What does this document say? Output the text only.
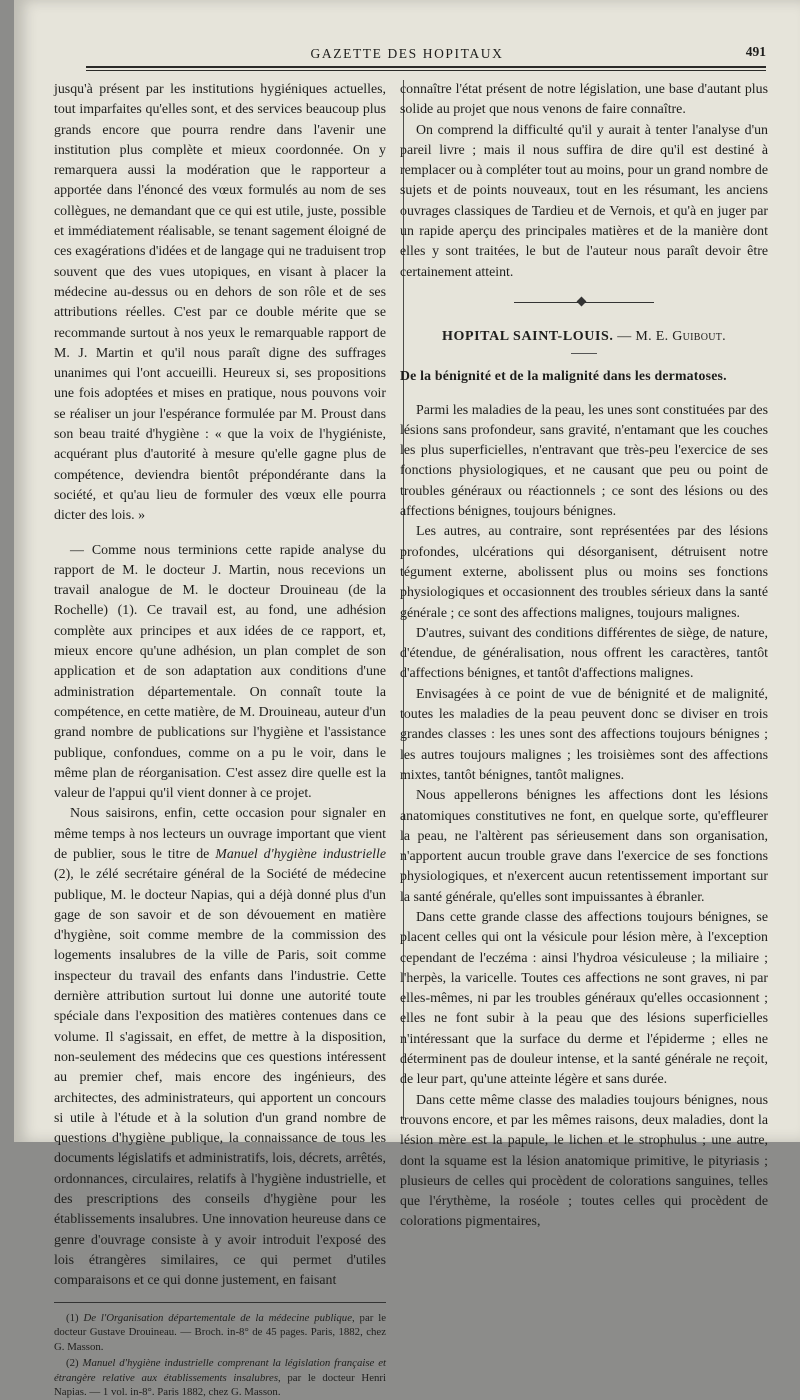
GAZETTE DES HOPITAUX	491

jusqu'à présent par les institutions hygiéniques actuelles, tout imparfaites qu'elles sont, et des services beaucoup plus grands encore que pourra rendre dans l'avenir une institution plus complète et mieux coordonnée. On y remarquera aussi la modération que le rapporteur a apportée dans l'énoncé des vœux formulés au nom de ses collègues, ne demandant que ce qui est utile, juste, possible et immédiatement réalisable, se tenant sagement éloigné de ces exagérations d'idées et de langage qui ne traduisent trop souvent que des vues utopiques, en visant à placer la médecine au-dessus ou en dehors de son rôle et de ses attributions réelles. C'est par ce double mérite que se recommande surtout à nos yeux le remarquable rapport de M. J. Martin et qu'il nous paraît digne des suffrages unanimes qui l'ont accueilli. Heureux si, ses propositions une fois adoptées et mises en pratique, nous pouvons voir se réaliser un jour l'espérance formulée par M. Proust dans son beau traité d'hygiène : « que la voix de l'hygiéniste, acquérant plus d'autorité à mesure qu'elle gagne plus de compétence, deviendra bientôt prépondérante dans la société, et qu'au lieu de formuler des vœux elle pourra dicter des lois. »

— Comme nous terminions cette rapide analyse du rapport de M. le docteur J. Martin, nous recevions un travail analogue de M. le docteur Drouineau (de la Rochelle) (1). Ce travail est, au fond, une adhésion complète aux principes et aux idées de ce rapport, et, mieux encore qu'une adhésion, un plan complet de son application et de son adaptation aux conditions d'une administration départementale. On connaît toute la compétence, en cette matière, de M. Drouineau, auteur d'un grand nombre de publications sur l'hygiène et l'assistance publique, confondues, comme on a pu le voir, dans le même plan de réorganisation. C'est assez dire quelle est la valeur de l'appui qu'il vient donner à ce projet.

Nous saisirons, enfin, cette occasion pour signaler en même temps à nos lecteurs un ouvrage important que vient de publier, sous le titre de Manuel d'hygiène industrielle (2), le zélé secrétaire général de la Société de médecine publique, M. le docteur Napias, qui a déjà donné plus d'un gage de son savoir et de son dévouement en matière d'hygiène, soit comme membre de la commission des logements insalubres de la ville de Paris, soit comme inspecteur du travail des enfants dans l'industrie. Cette dernière attribution surtout lui donne une autorité toute spéciale dans l'exposition des matières contenues dans ce volume. Il s'agissait, en effet, de mettre à la disposition, non-seulement des médecins que ces questions intéressent au premier chef, mais encore des ingénieurs, des architectes, des administrateurs, qui apportent un concours si utile à l'étude et à la solution d'un grand nombre de questions d'hygiène publique, la connaissance de tous les documents législatifs et administratifs, lois, décrets, arrêtés, ordonnances, circulaires, relatifs à l'hygiène industrielle, et des prescriptions des conseils d'hygiène pour les établissements insalubres. Une innovation heureuse dans ce genre d'ouvrage consiste à y avoir introduit l'exposé des lois étrangères similaires, ce qui permet d'utiles comparaisons et ce qui donne justement, en faisant

(1) De l'Organisation départementale de la médecine publique, par le docteur Gustave Drouineau. — Broch. in-8° de 45 pages. Paris, 1882, chez G. Masson.

(2) Manuel d'hygiène industrielle comprenant la législation française et étrangère relative aux établissements insalubres, par le docteur Henri Napias. — 1 vol. in-8°. Paris 1882, chez G. Masson.

connaître l'état présent de notre législation, une base d'autant plus solide au projet que nous venons de faire connaître.

On comprend la difficulté qu'il y aurait à tenter l'analyse d'un pareil livre ; mais il nous suffira de dire qu'il est destiné à remplacer ou à compléter tout au moins, pour un grand nombre de sujets et de points nouveaux, tout en les résumant, les anciens ouvrages classiques de Tardieu et de Vernois, et qu'à en juger par un rapide aperçu des principales matières et de la manière dont elles y sont traitées, le but de l'auteur nous paraît devoir être certainement atteint.

HOPITAL SAINT-LOUIS. — M. E. Guibout.

De la bénignité et de la malignité dans les dermatoses.

Parmi les maladies de la peau, les unes sont constituées par des lésions sans profondeur, sans gravité, n'entamant que les couches les plus superficielles, n'entravant que très-peu l'exercice de ses fonctions physiologiques, et ne causant que peu ou point de troubles généraux ou réactionnels ; ce sont des lésions ou des affections bénignes, toujours bénignes.

Les autres, au contraire, sont représentées par des lésions profondes, ulcérations qui désorganisent, détruisent notre tégument externe, abolissent plus ou moins ses fonctions physiologiques et occasionnent des troubles sérieux dans la santé générale ; ce sont des affections malignes, toujours malignes.

D'autres, suivant des conditions différentes de siège, de nature, d'étendue, de généralisation, nous offrent les caractères, tantôt d'affections bénignes, et tantôt d'affections malignes.

Envisagées à ce point de vue de bénignité et de malignité, toutes les maladies de la peau peuvent donc se diviser en trois grandes classes : les unes sont des affections toujours bénignes ; les autres toujours malignes ; les troisièmes sont des affections mixtes, tantôt bénignes, tantôt malignes.

Nous appellerons bénignes les affections dont les lésions anatomiques constitutives ne font, en quelque sorte, qu'effleurer la peau, ne l'altèrent pas sérieusement dans son organisation, n'apportent aucun trouble grave dans l'exercice de ses fonctions physiologiques, et n'exercent aucun retentissement important sur la santé générale, qu'elles sont impuissantes à ébranler.

Dans cette grande classe des affections toujours bénignes, se placent celles qui ont la vésicule pour lésion mère, à l'exception cependant de l'eczéma : ainsi l'hydroa vésiculeuse ; la miliaire ; l'herpès, la varicelle. Toutes ces affections ne sont graves, ni par elles-mêmes, ni par les troubles généraux qu'elles occasionnent ; elles ne font subir à la peau que des lésions superficielles n'intéressant que la surface du derme et l'épiderme ; elles ne déterminent pas de douleur intense, et la santé générale ne reçoit, de leur part, qu'une atteinte légère et sans durée.

Dans cette même classe des maladies toujours bénignes, nous trouvons encore, et par les mêmes raisons, deux maladies, dont la lésion mère est la papule, le lichen et le strophulus ; une autre, dont la squame est la lésion anatomique primitive, le pityriasis ; plusieurs de celles qui procèdent de colorations sanguines, telles que l'érythème, la roséole ; toutes celles qui procèdent de colorations pigmentaires,
